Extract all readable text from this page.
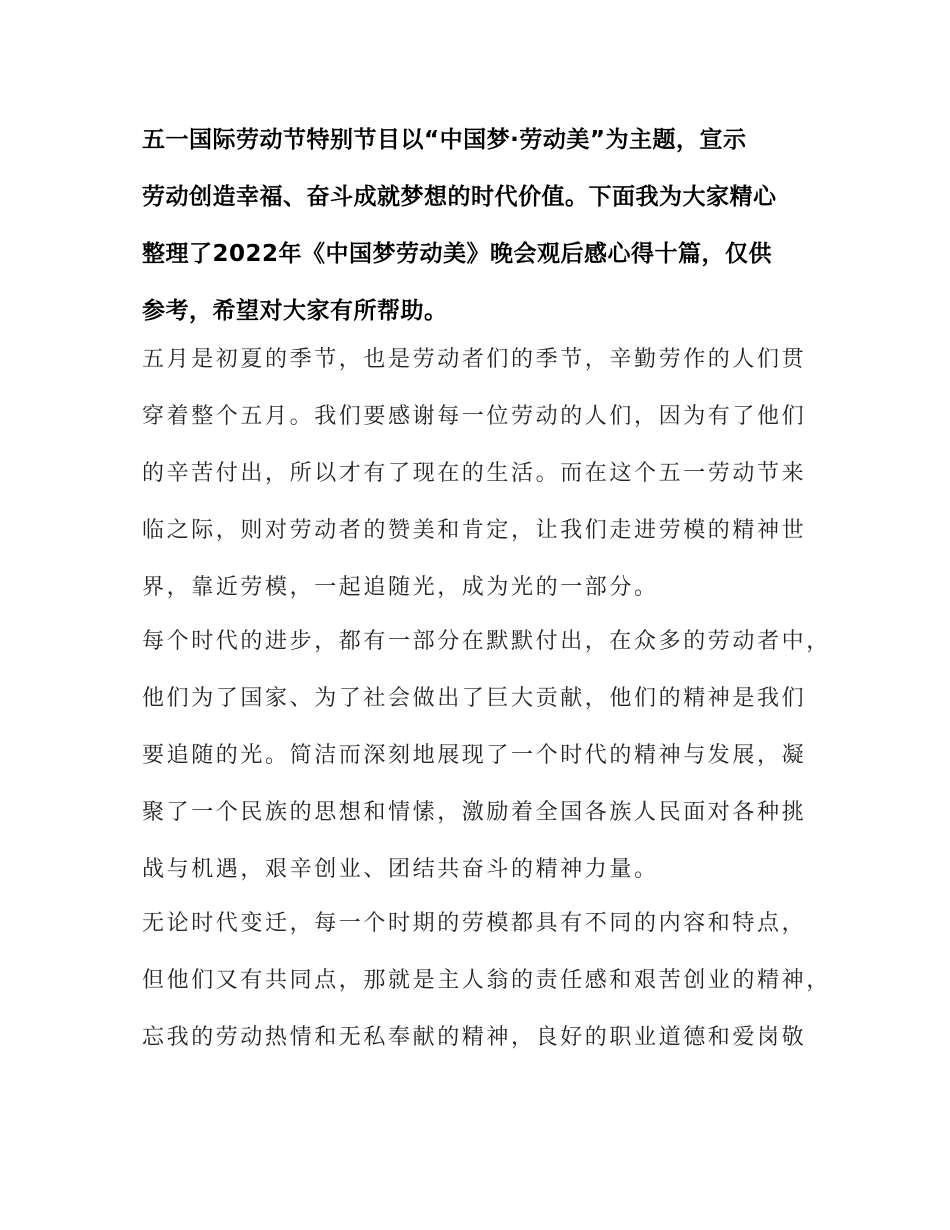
五一国际劳动节特别节目以“中国梦·劳动美”为主题，宣示
劳动创造幸福、奋斗成就梦想的时代价值。下面我为大家精心
整理了2022年《中国梦劳动美》晚会观后感心得十篇，仅供
参考，希望对大家有所帮助。
五月是初夏的季节，也是劳动者们的季节，辛勤劳作的人们贯
穿着整个五月。我们要感谢每一位劳动的人们，因为有了他们
的辛苦付出，所以才有了现在的生活。而在这个五一劳动节来
临之际，则对劳动者的赞美和肯定，让我们走进劳模的精神世
界，靠近劳模，一起追随光，成为光的一部分。
每个时代的进步，都有一部分在默默付出，在众多的劳动者中，
他们为了国家、为了社会做出了巨大贡献，他们的精神是我们
要追随的光。简洁而深刻地展现了一个时代的精神与发展，凝
聚了一个民族的思想和情愫，激励着全国各族人民面对各种挑
战与机遇，艰辛创业、团结共奋斗的精神力量。
无论时代变迁，每一个时期的劳模都具有不同的内容和特点，
但他们又有共同点，那就是主人翁的责任感和艰苦创业的精神，
忘我的劳动热情和无私奉献的精神，良好的职业道德和爱岗敬
